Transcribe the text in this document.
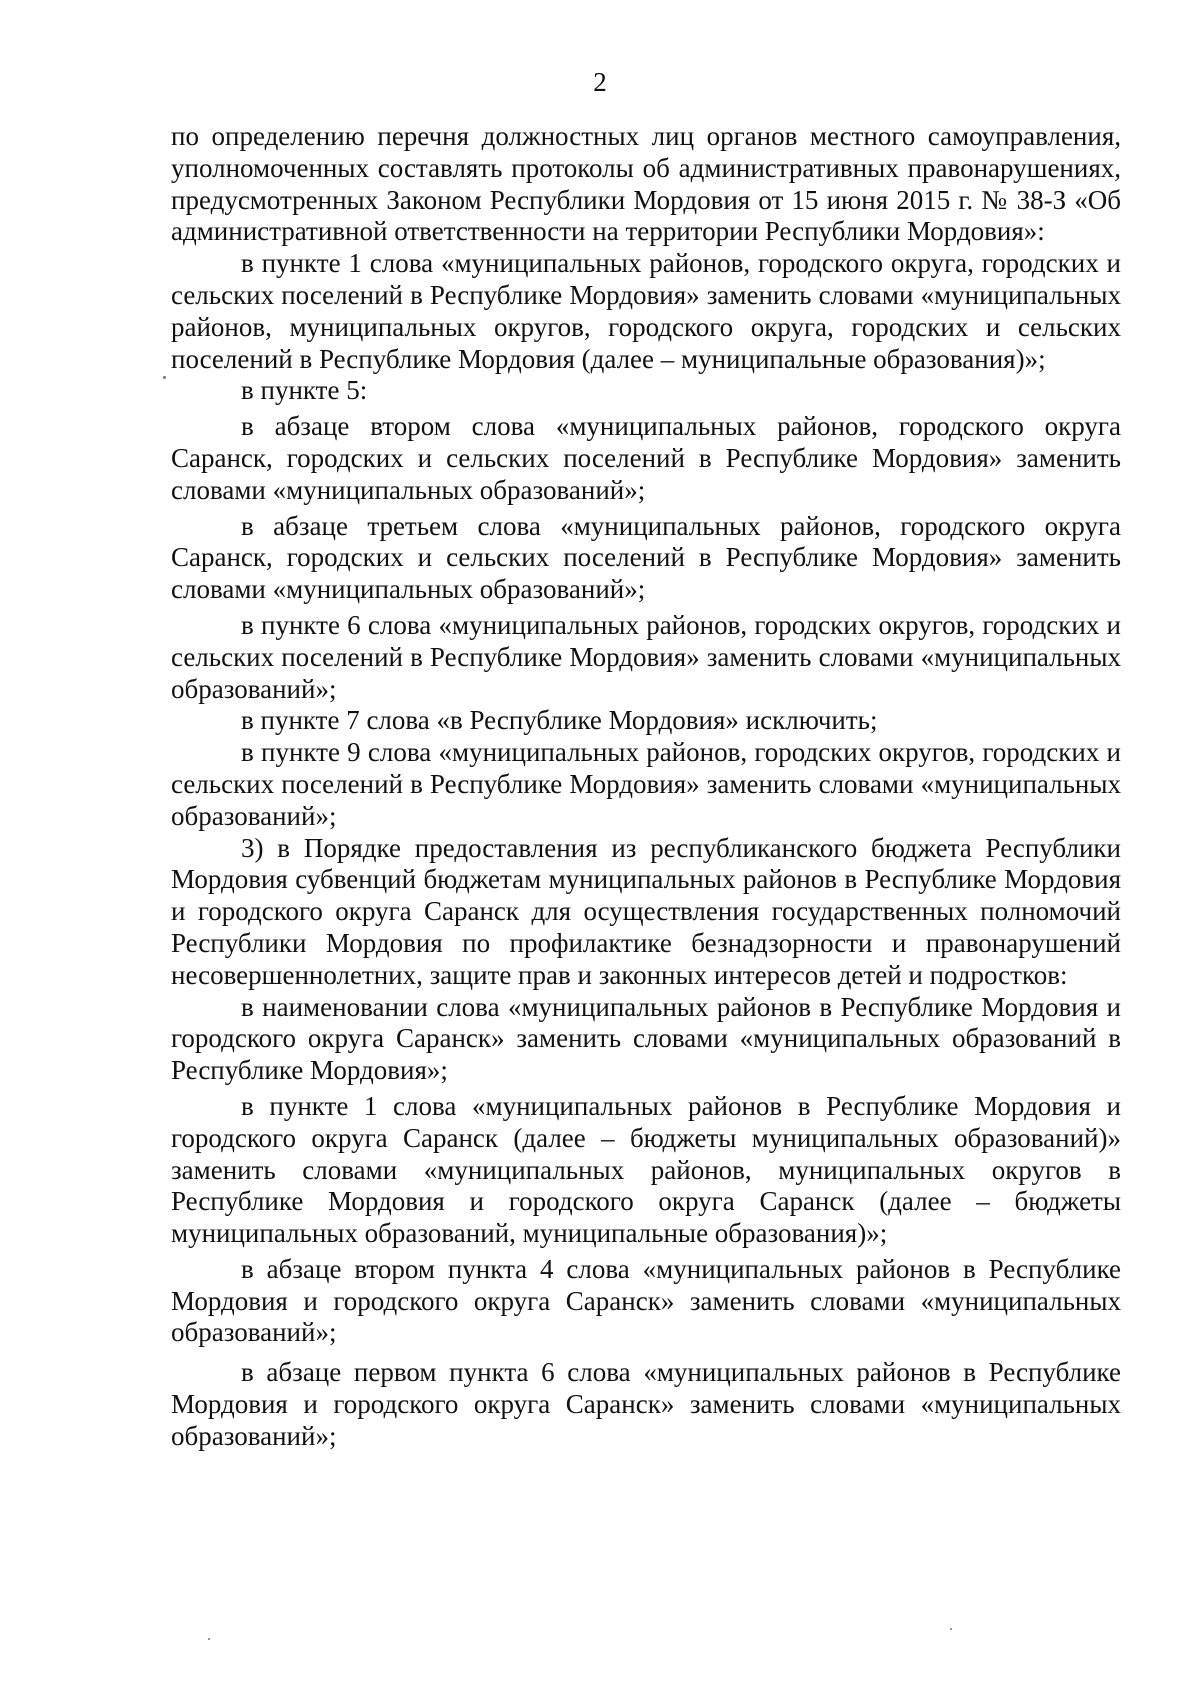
2

по определению перечня должностных лиц органов местного самоуправления, уполномоченных составлять протоколы об административных правонарушениях, предусмотренных Законом Республики Мордовия от 15 июня 2015 г. № 38-З «Об административной ответственности на территории Республики Мордовия»:

в пункте 1 слова «муниципальных районов, городского округа, городских и сельских поселений в Республике Мордовия» заменить словами «муниципальных районов, муниципальных округов, городского округа, городских и сельских поселений в Республике Мордовия (далее – муниципальные образования)»;

в пункте 5:

в абзаце втором слова «муниципальных районов, городского округа Саранск, городских и сельских поселений в Республике Мордовия» заменить словами «муниципальных образований»;

в абзаце третьем слова «муниципальных районов, городского округа Саранск, городских и сельских поселений в Республике Мордовия» заменить словами «муниципальных образований»;

в пункте 6 слова «муниципальных районов, городских округов, городских и сельских поселений в Республике Мордовия» заменить словами «муниципальных образований»;

в пункте 7 слова «в Республике Мордовия» исключить;

в пункте 9 слова «муниципальных районов, городских округов, городских и сельских поселений в Республике Мордовия» заменить словами «муниципальных образований»;

3) в Порядке предоставления из республиканского бюджета Республики Мордовия субвенций бюджетам муниципальных районов в Республике Мордовия и городского округа Саранск для осуществления государственных полномочий Республики Мордовия по профилактике безнадзорности и правонарушений несовершеннолетних, защите прав и законных интересов детей и подростков:

в наименовании слова «муниципальных районов в Республике Мордовия и городского округа Саранск» заменить словами «муниципальных образований в Республике Мордовия»;

в пункте 1 слова «муниципальных районов в Республике Мордовия и городского округа Саранск (далее – бюджеты муниципальных образований)» заменить словами «муниципальных районов, муниципальных округов в Республике Мордовия и городского округа Саранск (далее – бюджеты муниципальных образований, муниципальные образования)»;

в абзаце втором пункта 4 слова «муниципальных районов в Республике Мордовия и городского округа Саранск» заменить словами «муниципальных образований»;

в абзаце первом пункта 6 слова «муниципальных районов в Республике Мордовия и городского округа Саранск» заменить словами «муниципальных образований»;
